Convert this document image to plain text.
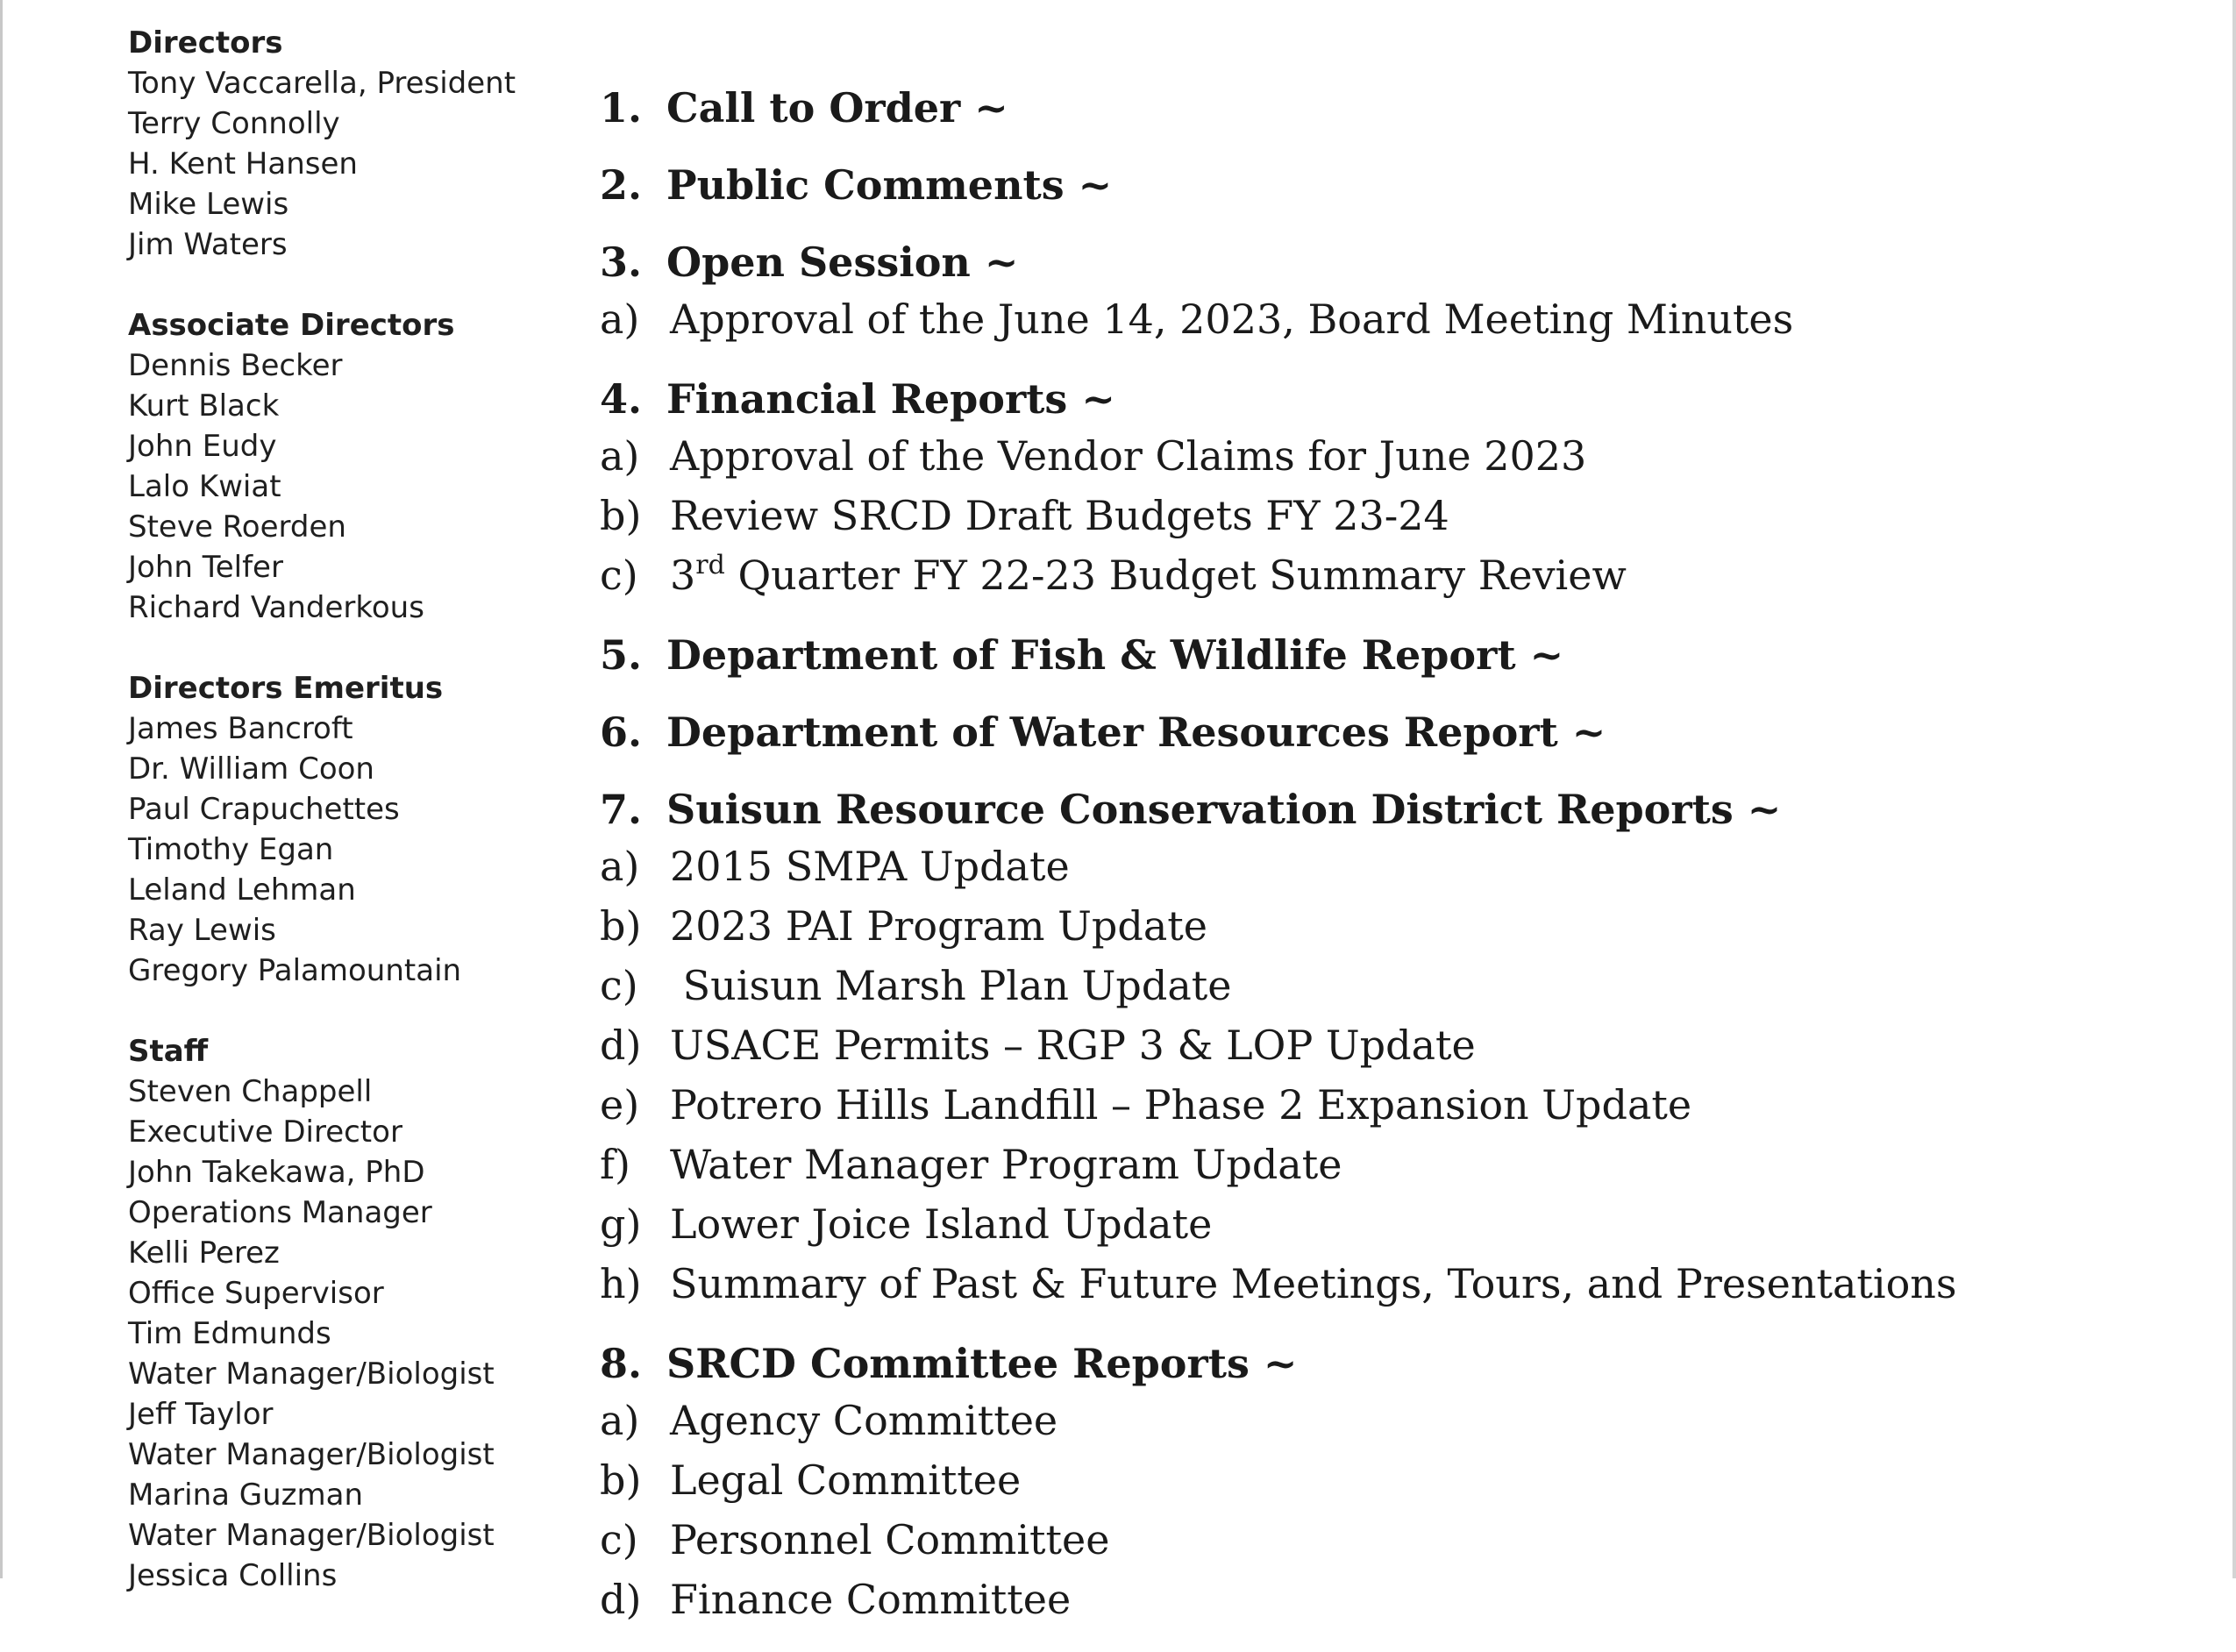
Directors
Tony Vaccarella, President
Terry Connolly
H. Kent Hansen
Mike Lewis
Jim Waters
Associate Directors
Dennis Becker
Kurt Black
John Eudy
Lalo Kwiat
Steve Roerden
John Telfer
Richard Vanderkous
Directors Emeritus
James Bancroft
Dr. William Coon
Paul Crapuchettes
Timothy Egan
Leland Lehman
Ray Lewis
Gregory Palamountain
Staff
Steven Chappell
Executive Director
John Takekawa, PhD
Operations Manager
Kelli Perez
Office Supervisor
Tim Edmunds
Water Manager/Biologist
Jeff Taylor
Water Manager/Biologist
Marina Guzman
Water Manager/Biologist
Jessica Collins
1. Call to Order ~
2. Public Comments ~
3. Open Session ~
a) Approval of the June 14, 2023, Board Meeting Minutes
4. Financial Reports ~
a) Approval of the Vendor Claims for June 2023
b) Review SRCD Draft Budgets FY 23-24
c) 3rd Quarter FY 22-23 Budget Summary Review
5. Department of Fish & Wildlife Report ~
6. Department of Water Resources Report ~
7. Suisun Resource Conservation District Reports ~
a) 2015 SMPA Update
b) 2023 PAI Program Update
c) Suisun Marsh Plan Update
d) USACE Permits – RGP 3 & LOP Update
e) Potrero Hills Landfill – Phase 2 Expansion Update
f) Water Manager Program Update
g) Lower Joice Island Update
h) Summary of Past & Future Meetings, Tours, and Presentations
8. SRCD Committee Reports ~
a) Agency Committee
b) Legal Committee
c) Personnel Committee
d) Finance Committee
